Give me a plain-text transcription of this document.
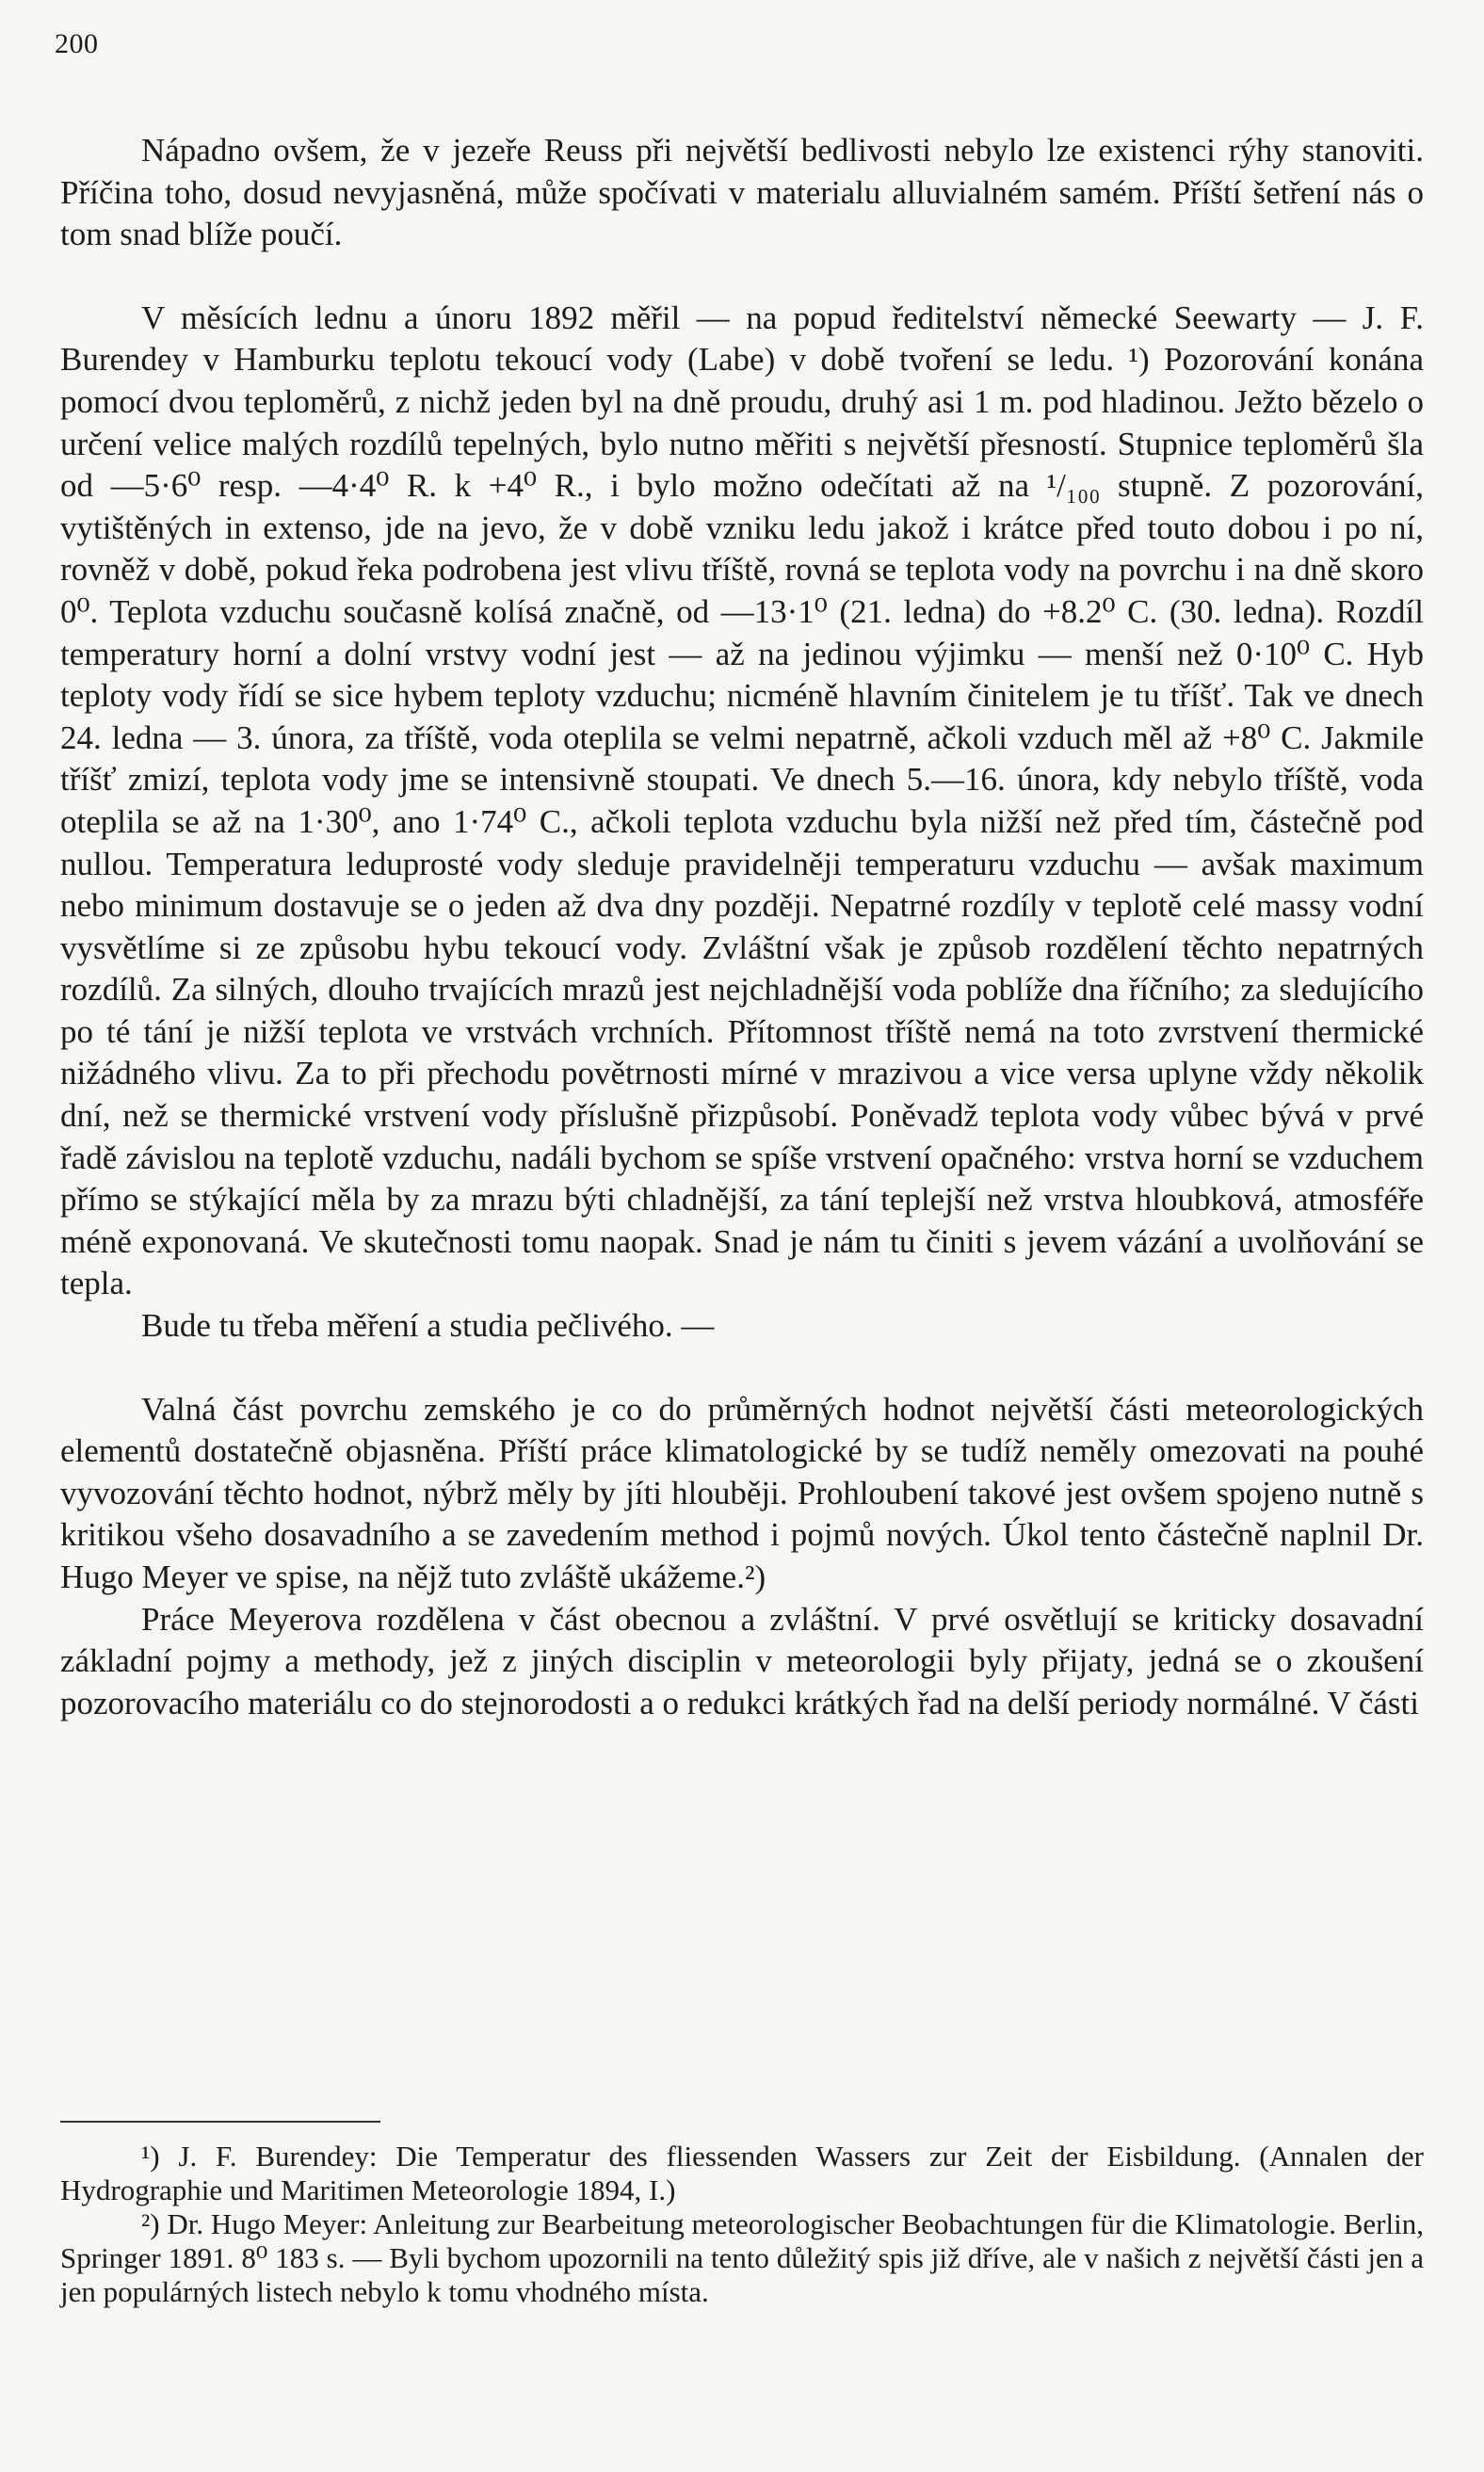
200

Nápadno ovšem, že v jezeře Reuss při největší bedlivosti nebylo lze existenci rýhy stanoviti. Příčina toho, dosud nevyjasněná, může spočívati v materialu alluvialném samém. Příští šetření nás o tom snad blíže poučí.

V měsících lednu a únoru 1892 měřil — na popud ředitelství německé Seewarty — J. F. Burendey v Hamburku teplotu tekoucí vody (Labe) v době tvoření se ledu. ¹) Pozorování konána pomocí dvou teploměrů, z nichž jeden byl na dně proudu, druhý asi 1 m. pod hladinou. Ježto bězelo o určení velice malých rozdílů tepelných, bylo nutno měřiti s největší přesností. Stupnice teploměrů šla od —5·6⁰ resp. —4·4⁰ R. k +4⁰ R., i bylo možno odečítati až na ¹/₁₀₀ stupně. Z pozorování, vytištěných in extenso, jde na jevo, že v době vzniku ledu jakož i krátce před touto dobou i po ní, rovněž v době, pokud řeka podrobena jest vlivu tříště, rovná se teplota vody na povrchu i na dně skoro 0⁰. Teplota vzduchu současně kolísá značně, od —13·1⁰ (21. ledna) do +8.2⁰ C. (30. ledna). Rozdíl temperatury horní a dolní vrstvy vodní jest — až na jedinou výjimku — menší než 0·10⁰ C. Hyb teploty vody řídí se sice hybem teploty vzduchu; nicméně hlavním činitelem je tu tříšť. Tak ve dnech 24. ledna — 3. února, za tříště, voda oteplila se velmi nepatrně, ačkoli vzduch měl až +8⁰ C. Jakmile tříšť zmizí, teplota vody jme se intensivně stoupati. Ve dnech 5.—16. února, kdy nebylo tříště, voda oteplila se až na 1·30⁰, ano 1·74⁰ C., ačkoli teplota vzduchu byla nižší než před tím, částečně pod nullou. Temperatura leduprosté vody sleduje pravidelněji temperaturu vzduchu — avšak maximum nebo minimum dostavuje se o jeden až dva dny později. Nepatrné rozdíly v teplotě celé massy vodní vysvětlíme si ze způsobu hybu tekoucí vody. Zvláštní však je způsob rozdělení těchto nepatrných rozdílů. Za silných, dlouho trvajících mrazů jest nejchladnější voda poblíže dna říčního; za sledujícího po té tání je nižší teplota ve vrstvách vrchních. Přítomnost tříště nemá na toto zvrstvení thermické nižádného vlivu. Za to při přechodu povětrnosti mírné v mrazivou a vice versa uplyne vždy několik dní, než se thermické vrstvení vody příslušně přizpůsobí. Poněvadž teplota vody vůbec bývá v prvé řadě závislou na teplotě vzduchu, nadáli bychom se spíše vrstvení opačného: vrstva horní se vzduchem přímo se stýkající měla by za mrazu býti chladnější, za tání teplejší než vrstva hloubková, atmosféře méně exponovaná. Ve skutečnosti tomu naopak. Snad je nám tu činiti s jevem vázání a uvolňování se tepla.

Bude tu třeba měření a studia pečlivého. —

Valná část povrchu zemského je co do průměrných hodnot největší části meteorologických elementů dostatečně objasněna. Příští práce klimatologické by se tudíž neměly omezovati na pouhé vyvozování těchto hodnot, nýbrž měly by jíti hlouběji. Prohloubení takové jest ovšem spojeno nutně s kritikou všeho dosavadního a se zavedením method i pojmů nových. Úkol tento částečně naplnil Dr. Hugo Meyer ve spise, na nějž tuto zvláště ukážeme.²)

Práce Meyerova rozdělena v část obecnou a zvláštní. V prvé osvětlují se kriticky dosavadní základní pojmy a methody, jež z jiných disciplin v meteorologii byly přijaty, jedná se o zkoušení pozorovacího materiálu co do stejnorodosti a o redukci krátkých řad na delší periody normálné. V části

¹) J. F. Burendey: Die Temperatur des fliessenden Wassers zur Zeit der Eisbildung. (Annalen der Hydrographie und Maritimen Meteorologie 1894, I.)

²) Dr. Hugo Meyer: Anleitung zur Bearbeitung meteorologischer Beobachtungen für die Klimatologie. Berlin, Springer 1891. 8⁰ 183 s. — Byli bychom upozornili na tento důležitý spis již dříve, ale v našich z největší části jen a jen populárných listech nebylo k tomu vhodného místa.
